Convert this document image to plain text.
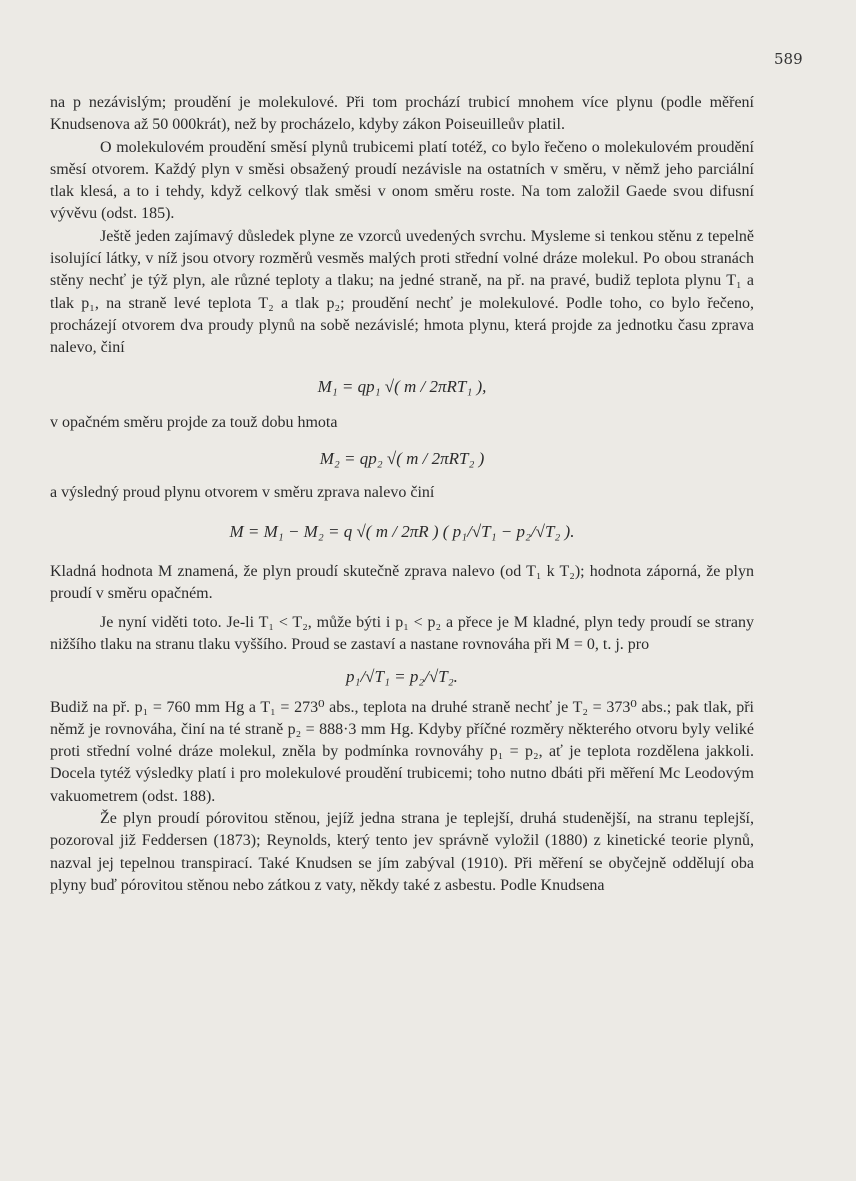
589

na p nezávislým; proudění je molekulové. Při tom prochází trubicí mnohem více plynu (podle měření Knudsenova až 50 000krát), než by procházelo, kdyby zákon Poiseuilleův platil.

O molekulovém proudění směsí plynů trubicemi platí totéž, co bylo řečeno o molekulovém proudění směsí otvorem. Každý plyn v směsi obsažený proudí nezávisle na ostatních v směru, v němž jeho parciální tlak klesá, a to i tehdy, když celkový tlak směsi v onom směru roste. Na tom založil Gaede svou difusní vývěvu (odst. 185).

Ještě jeden zajímavý důsledek plyne ze vzorců uvedených svrchu. Mysleme si tenkou stěnu z tepelně isolující látky, v níž jsou otvory rozměrů vesměs malých proti střední volné dráze molekul. Po obou stranách stěny nechť je týž plyn, ale různé teploty a tlaku; na jedné straně, na př. na pravé, budiž teplota plynu T₁ a tlak p₁, na straně levé teplota T₂ a tlak p₂; proudění nechť je molekulové. Podle toho, co bylo řečeno, procházejí otvorem dva proudy plynů na sobě nezávislé; hmota plynu, která projde za jednotku času zprava nalevo, činí

M₁ = qp₁ √( m / 2πRT₁ ),

v opačném směru projde za touž dobu hmota

M₂ = qp₂ √( m / 2πRT₂ )

a výsledný proud plynu otvorem v směru zprava nalevo činí

M = M₁ − M₂ = q √( m / 2πR ) ( p₁/√T₁ − p₂/√T₂ ).

Kladná hodnota M znamená, že plyn proudí skutečně zprava nalevo (od T₁ k T₂); hodnota záporná, že plyn proudí v směru opačném.

Je nyní viděti toto. Je-li T₁ < T₂, může býti i p₁ < p₂ a přece je M kladné, plyn tedy proudí se strany nižšího tlaku na stranu tlaku vyššího. Proud se zastaví a nastane rovnováha při M = 0, t. j. pro

p₁/√T₁ = p₂/√T₂.

Budiž na př. p₁ = 760 mm Hg a T₁ = 273⁰ abs., teplota na druhé straně nechť je T₂ = 373⁰ abs.; pak tlak, při němž je rovnováha, činí na té straně p₂ = 888·3 mm Hg. Kdyby příčné rozměry některého otvoru byly veliké proti střední volné dráze molekul, zněla by podmínka rovnováhy p₁ = p₂, ať je teplota rozdělena jakkoli. Docela tytéž výsledky platí i pro molekulové proudění trubicemi; toho nutno dbáti při měření Mc Leodovým vakuometrem (odst. 188).

Že plyn proudí pórovitou stěnou, jejíž jedna strana je teplejší, druhá studenější, na stranu teplejší, pozoroval již Feddersen (1873); Reynolds, který tento jev správně vyložil (1880) z kinetické teorie plynů, nazval jej tepelnou transpirací. Také Knudsen se jím zabýval (1910). Při měření se obyčejně oddělují oba plyny buď pórovitou stěnou nebo zátkou z vaty, někdy také z asbestu. Podle Knudsena
